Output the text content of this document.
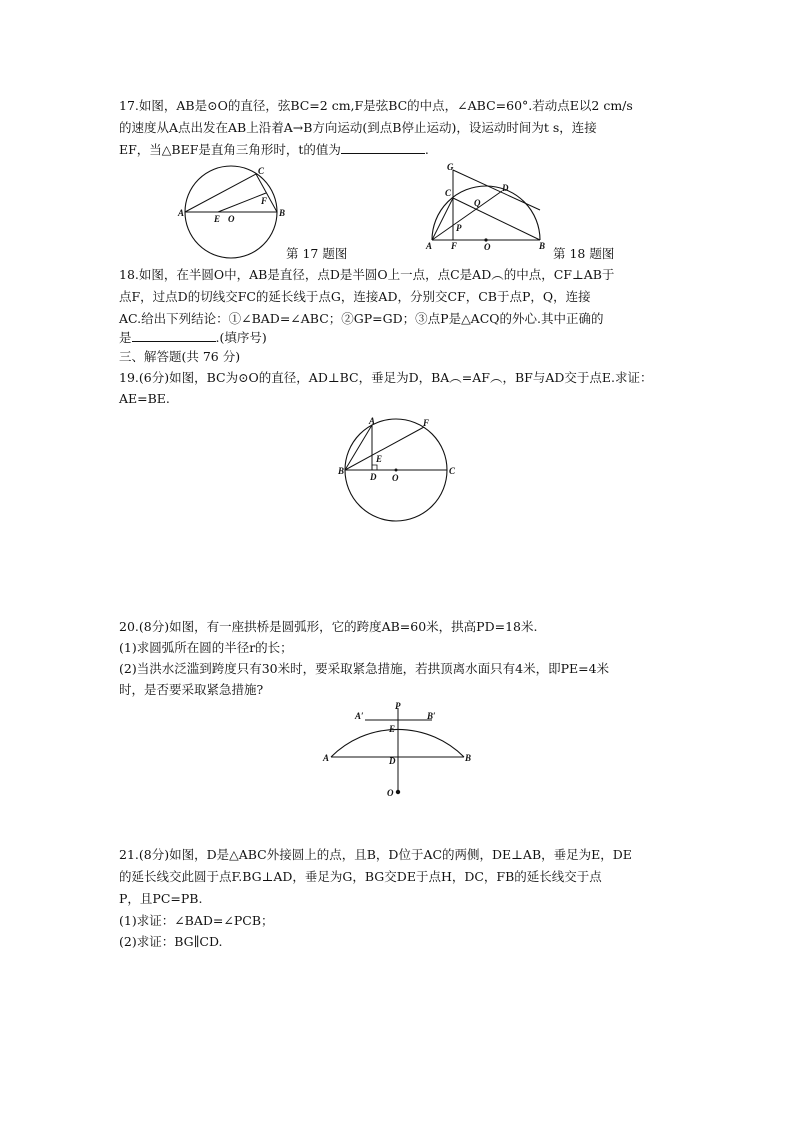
17.如图，AB是⊙O的直径，弦BC=2 cm,F是弦BC的中点，∠ABC=60°.若动点E以2 cm/s
的速度从A点出发在AB上沿着A→B方向运动(到点B停止运动)，设运动时间为t s，连接
EF，当△BEF是直角三角形时，t的值为	.
C
F
A
E O
B
第 17 题图
G
C	D
Q
P
A F	O	B 第 18 题图
18.如图，在半圆O中，AB是直径，点D是半圆O上一点，点C是AD︵的中点，CF⊥AB于
点F，过点D的切线交FC的延长线于点G，连接AD，分别交CF，CB于点P，Q，连接
AC.给出下列结论：①∠BAD=∠ABC；②GP=GD；③点P是△ACQ的外心.其中正确的
是	.(填序号)
三、解答题(共 76 分)
19.(6分)如图，BC为⊙O的直径，AD⊥BC，垂足为D，BA︵=AF︵，BF与AD交于点E.求证：
AE=BE.
A	F
E
B
D O
C
20.(8分)如图，有一座拱桥是圆弧形，它的跨度AB=60米，拱高PD=18米.
(1)求圆弧所在圆的半径r的长；
(2)当洪水泛滥到跨度只有30米时，要采取紧急措施，若拱顶离水面只有4米，即PE=4米
时，是否要采取紧急措施?
A′
P
B′
E
A	D	B
O
21.(8分)如图，D是△ABC外接圆上的点，且B，D位于AC的两侧，DE⊥AB，垂足为E，DE
的延长线交此圆于点F.BG⊥AD，垂足为G，BG交DE于点H，DC，FB的延长线交于点
P，且PC=PB.
(1)求证：∠BAD=∠PCB；
(2)求证：BG∥CD.
